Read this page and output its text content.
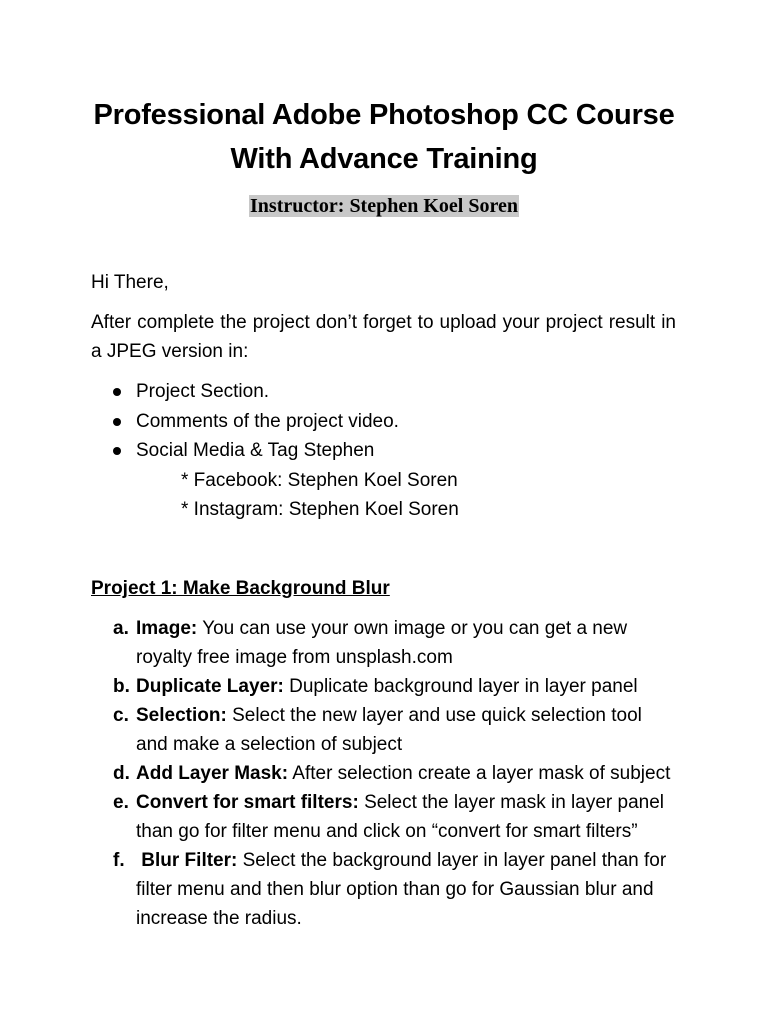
Professional Adobe Photoshop CC Course
With Advance Training
Instructor: Stephen Koel Soren
Hi There,
After complete the project don’t forget to upload your project result in a JPEG version in:
Project Section.
Comments of the project video.
Social Media & Tag Stephen
* Facebook: Stephen Koel Soren
* Instagram: Stephen Koel Soren
Project 1: Make Background Blur
a. Image: You can use your own image or you can get a new
royalty free image from unsplash.com
b. Duplicate Layer: Duplicate background layer in layer panel
c. Selection: Select the new layer and use quick selection tool
and make a selection of subject
d. Add Layer Mask: After selection create a layer mask of subject
e. Convert for smart filters: Select the layer mask in layer panel
than go for filter menu and click on “convert for smart filters”
f. Blur Filter: Select the background layer in layer panel than for
filter menu and then blur option than go for Gaussian blur and
increase the radius.
